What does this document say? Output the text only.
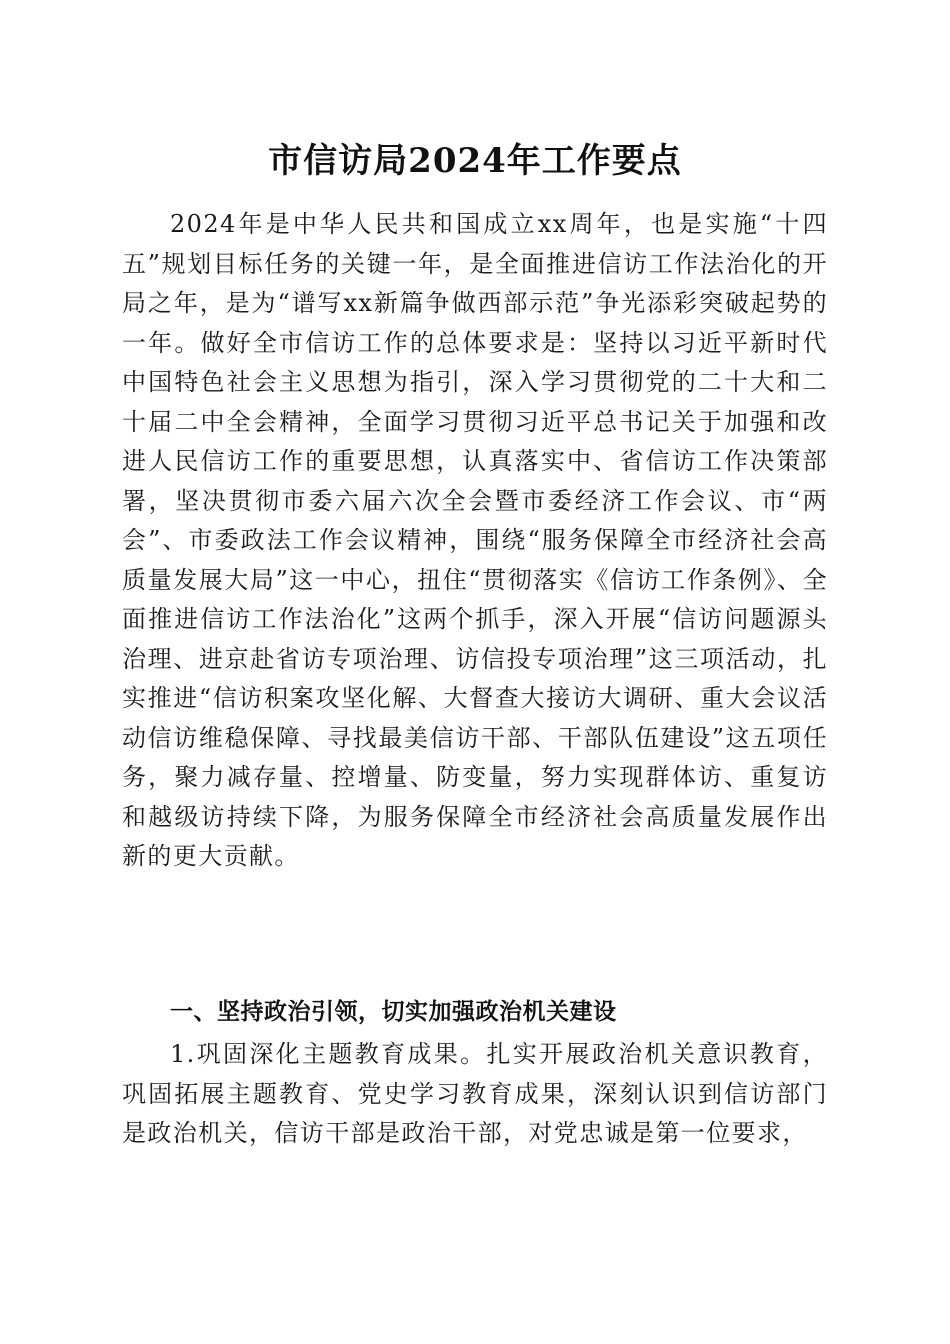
市信访局2024年工作要点

2024年是中华人民共和国成立xx周年，也是实施“十四五”规划目标任务的关键一年，是全面推进信访工作法治化的开局之年，是为“谱写xx新篇争做西部示范”争光添彩突破起势的一年。做好全市信访工作的总体要求是：坚持以习近平新时代中国特色社会主义思想为指引，深入学习贯彻党的二十大和二十届二中全会精神，全面学习贯彻习近平总书记关于加强和改进人民信访工作的重要思想，认真落实中、省信访工作决策部署，坚决贯彻市委六届六次全会暨市委经济工作会议、市“两会”、市委政法工作会议精神，围绕“服务保障全市经济社会高质量发展大局”这一中心，扭住“贯彻落实《信访工作条例》、全面推进信访工作法治化”这两个抓手，深入开展“信访问题源头治理、进京赴省访专项治理、访信投专项治理”这三项活动，扎实推进“信访积案攻坚化解、大督查大接访大调研、重大会议活动信访维稳保障、寻找最美信访干部、干部队伍建设”这五项任务，聚力减存量、控增量、防变量，努力实现群体访、重复访和越级访持续下降，为服务保障全市经济社会高质量发展作出新的更大贡献。

一、坚持政治引领，切实加强政治机关建设

1.巩固深化主题教育成果。扎实开展政治机关意识教育，巩固拓展主题教育、党史学习教育成果，深刻认识到信访部门是政治机关，信访干部是政治干部，对党忠诚是第一位要求，
